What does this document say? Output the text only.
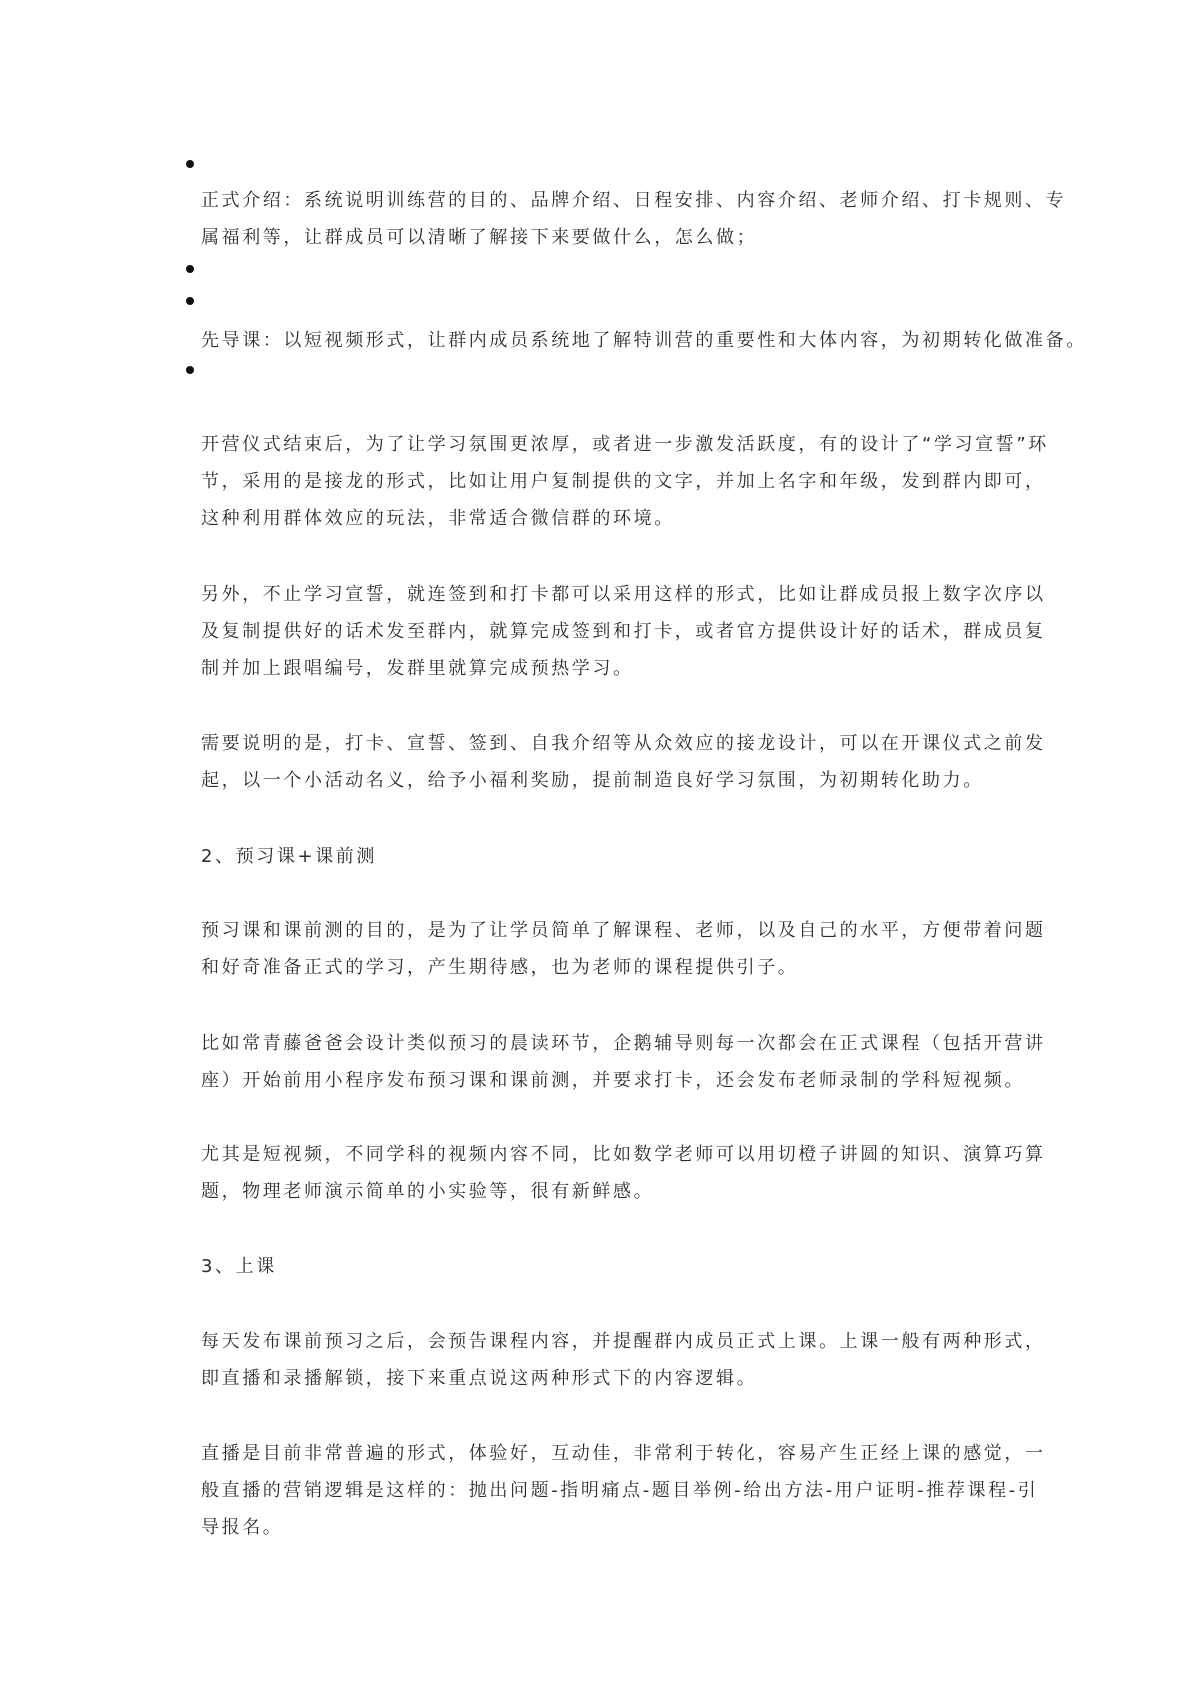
正式介绍：系统说明训练营的目的、品牌介绍、日程安排、内容介绍、老师介绍、打卡规则、专
属福利等，让群成员可以清晰了解接下来要做什么，怎么做；
先导课：以短视频形式，让群内成员系统地了解特训营的重要性和大体内容，为初期转化做准备。
开营仪式结束后，为了让学习氛围更浓厚，或者进一步激发活跃度，有的设计了“学习宣誓”环
节，采用的是接龙的形式，比如让用户复制提供的文字，并加上名字和年级，发到群内即可，
这种利用群体效应的玩法，非常适合微信群的环境。
另外，不止学习宣誓，就连签到和打卡都可以采用这样的形式，比如让群成员报上数字次序以
及复制提供好的话术发至群内，就算完成签到和打卡，或者官方提供设计好的话术，群成员复
制并加上跟唱编号，发群里就算完成预热学习。
需要说明的是，打卡、宣誓、签到、自我介绍等从众效应的接龙设计，可以在开课仪式之前发
起，以一个小活动名义，给予小福利奖励，提前制造良好学习氛围，为初期转化助力。
2、预习课+课前测
预习课和课前测的目的，是为了让学员简单了解课程、老师，以及自己的水平，方便带着问题
和好奇准备正式的学习，产生期待感，也为老师的课程提供引子。
比如常青藤爸爸会设计类似预习的晨读环节，企鹅辅导则每一次都会在正式课程（包括开营讲
座）开始前用小程序发布预习课和课前测，并要求打卡，还会发布老师录制的学科短视频。
尤其是短视频，不同学科的视频内容不同，比如数学老师可以用切橙子讲圆的知识、演算巧算
题，物理老师演示简单的小实验等，很有新鲜感。
3、上课
每天发布课前预习之后，会预告课程内容，并提醒群内成员正式上课。上课一般有两种形式，
即直播和录播解锁，接下来重点说这两种形式下的内容逻辑。
直播是目前非常普遍的形式，体验好，互动佳，非常利于转化，容易产生正经上课的感觉，一
般直播的营销逻辑是这样的：抛出问题-指明痛点-题目举例-给出方法-用户证明-推荐课程-引
导报名。
